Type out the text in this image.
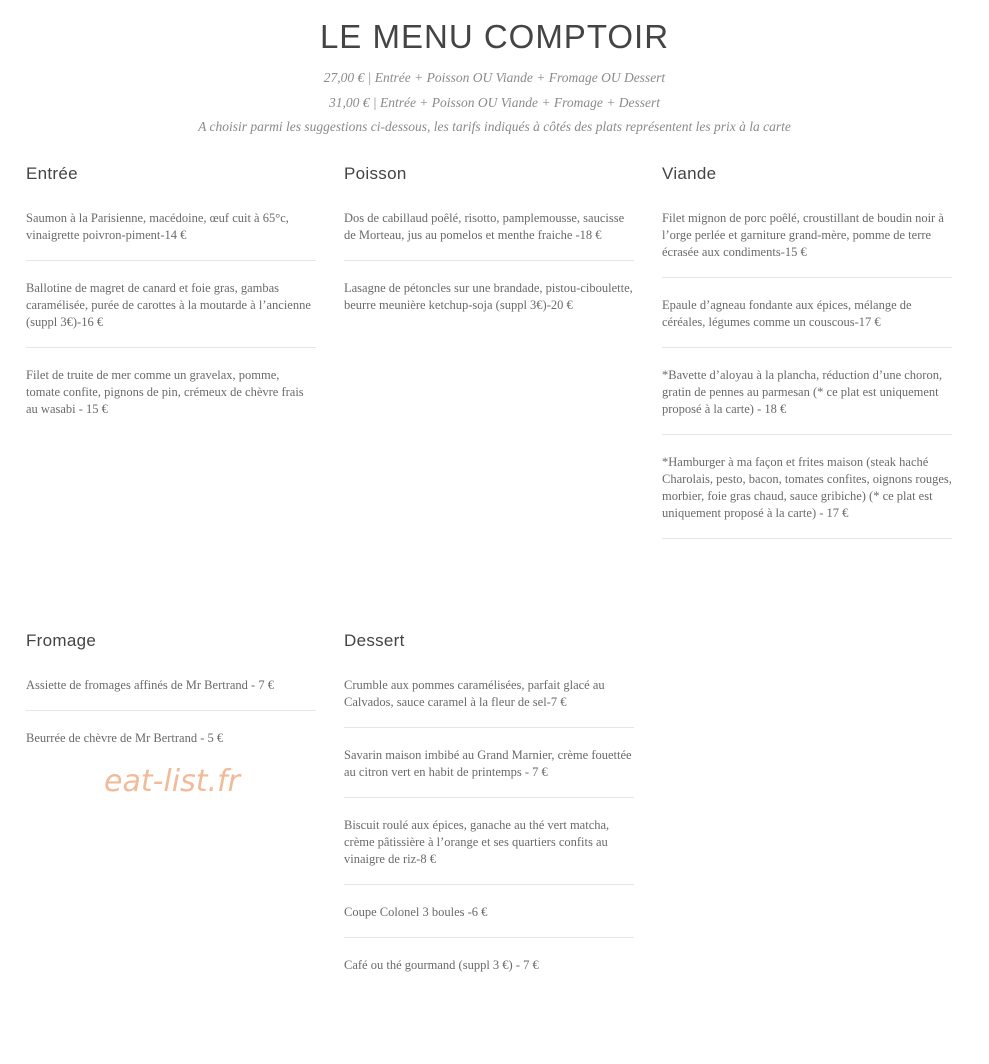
LE MENU COMPTOIR

27,00 € | Entrée + Poisson OU Viande + Fromage OU Dessert

31,00 € | Entrée + Poisson OU Viande + Fromage + Dessert

A choisir parmi les suggestions ci-dessous, les tarifs indiqués à côtés des plats représentent les prix à la carte

Entrée
Saumon à la Parisienne, macédoine, œuf cuit à 65°c, vinaigrette poivron-piment-14 €
Ballotine de magret de canard et foie gras, gambas caramélisée, purée de carottes à la moutarde à l’ancienne (suppl 3€)-16 €
Filet de truite de mer comme un gravelax, pomme, tomate confite, pignons de pin, crémeux de chèvre frais au wasabi - 15 €
Poisson
Dos de cabillaud poêlé, risotto, pamplemousse, saucisse de Morteau, jus au pomelos et menthe fraiche -18 €
Lasagne de pétoncles sur une brandade, pistou-ciboulette, beurre meunière ketchup-soja (suppl 3€)-20 €
Viande
Filet mignon de porc poêlé, croustillant de boudin noir à l’orge perlée et garniture grand-mère, pomme de terre écrasée aux condiments-15 €
Epaule d’agneau fondante aux épices, mélange de céréales, légumes comme un couscous-17 €
*Bavette d’aloyau à la plancha, réduction d’une choron, gratin de pennes au parmesan (* ce plat est uniquement proposé à la carte) - 18 €
*Hamburger à ma façon et frites maison (steak haché Charolais, pesto, bacon, tomates confites, oignons rouges, morbier, foie gras chaud, sauce gribiche) (* ce plat est uniquement proposé à la carte) - 17 €
Fromage
Assiette de fromages affinés de Mr Bertrand - 7 €
Beurrée de chèvre de Mr Bertrand - 5 €
Dessert
Crumble aux pommes caramélisées, parfait glacé au Calvados, sauce caramel à la fleur de sel-7 €
Savarin maison imbibé au Grand Marnier, crème fouettée au citron vert en habit de printemps - 7 €
Biscuit roulé aux épices, ganache au thé vert matcha, crème pâtissière à l’orange et ses quartiers confits au vinaigre de riz-8 €
Coupe Colonel 3 boules -6 €
Café ou thé gourmand (suppl 3 €) - 7 €
eat-list.fr
